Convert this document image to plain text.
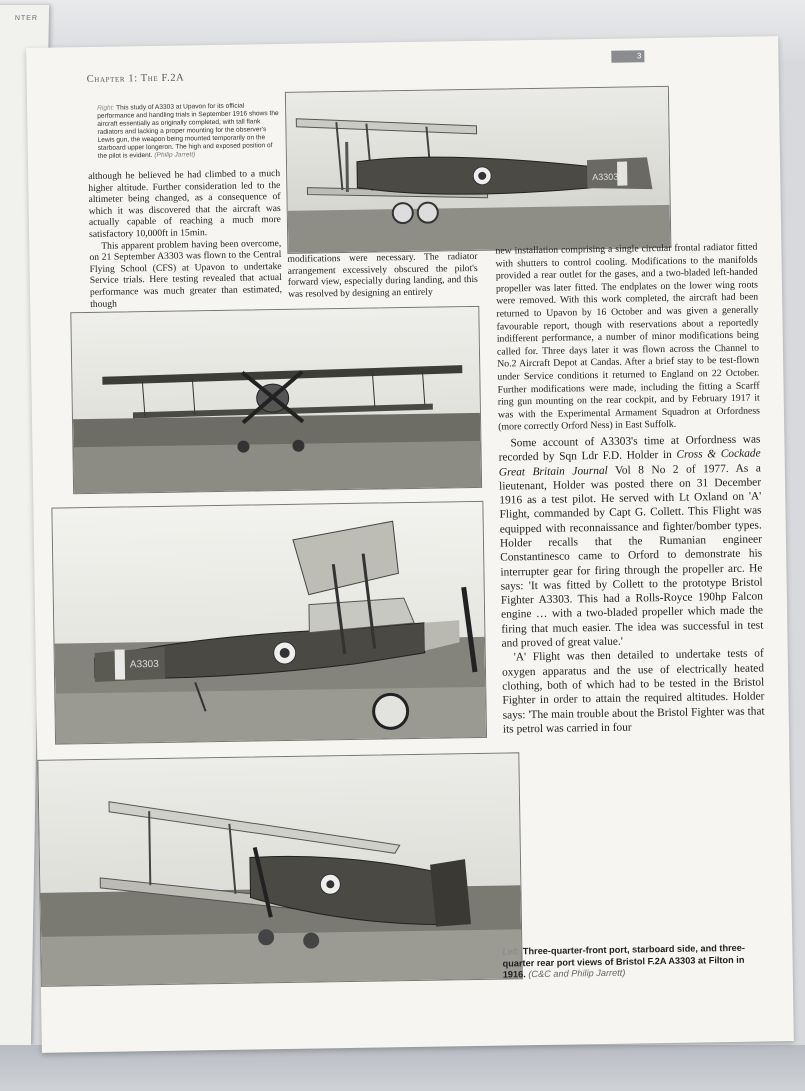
NTER
Chapter 1: The F.2A
3
Right: This study of A3303 at Upavon for its official performance and handling trials in September 1916 shows the aircraft essentially as originally completed, with tall flank radiators and lacking a proper mounting for the observer's Lewis gun, the weapon being mounted temporarily on the starboard upper longeron. The high and exposed position of the pilot is evident. (Philip Jarrett)
A3303

although he believed he had climbed to a much higher altitude. Further consideration led to the altimeter being changed, as a consequence of which it was discovered that the aircraft was actually capable of reaching a much more satisfactory 10,000ft in 15min.

This apparent problem having been overcome, on 21 September A3303 was flown to the Central Flying School (CFS) at Upavon to undertake Service trials. Here testing revealed that actual performance was much greater than estimated, though

modifications were necessary. The radiator arrangement excessively obscured the pilot's forward view, especially during landing, and this was resolved by designing an entirely

A3303

new installation comprising a single circular frontal radiator fitted with shutters to control cooling. Modifications to the manifolds provided a rear outlet for the gases, and a two-bladed left-handed propeller was later fitted. The endplates on the lower wing roots were removed. With this work completed, the aircraft had been returned to Upavon by 16 October and was given a generally favourable report, though with reservations about a reportedly indifferent performance, a number of minor modifications being called for. Three days later it was flown across the Channel to No.2 Aircraft Depot at Candas. After a brief stay to be test-flown under Service conditions it returned to England on 22 October. Further modifications were made, including the fitting a Scarff ring gun mounting on the rear cockpit, and by February 1917 it was with the Experimental Armament Squadron at Orfordness (more correctly Orford Ness) in East Suffolk.

Some account of A3303's time at Orfordness was recorded by Sqn Ldr F.D. Holder in Cross & Cockade Great Britain Journal Vol 8 No 2 of 1977. As a lieutenant, Holder was posted there on 31 December 1916 as a test pilot. He served with Lt Oxland on 'A' Flight, commanded by Capt G. Collett. This Flight was equipped with reconnaissance and fighter/bomber types. Holder recalls that the Rumanian engineer Constantinesco came to Orford to demonstrate his interrupter gear for firing through the propeller arc. He says: 'It was fitted by Collett to the prototype Bristol Fighter A3303. This had a Rolls-Royce 190hp Falcon engine … with a two-bladed propeller which made the firing that much easier. The idea was successful in test and proved of great value.'

'A' Flight was then detailed to undertake tests of oxygen apparatus and the use of electrically heated clothing, both of which had to be tested in the Bristol Fighter in order to attain the required altitudes. Holder says: 'The main trouble about the Bristol Fighter was that its petrol was carried in four

Left: Three-quarter-front port, starboard side, and three-quarter rear port views of Bristol F.2A A3303 at Filton in 1916. (C&C and Philip Jarrett)
